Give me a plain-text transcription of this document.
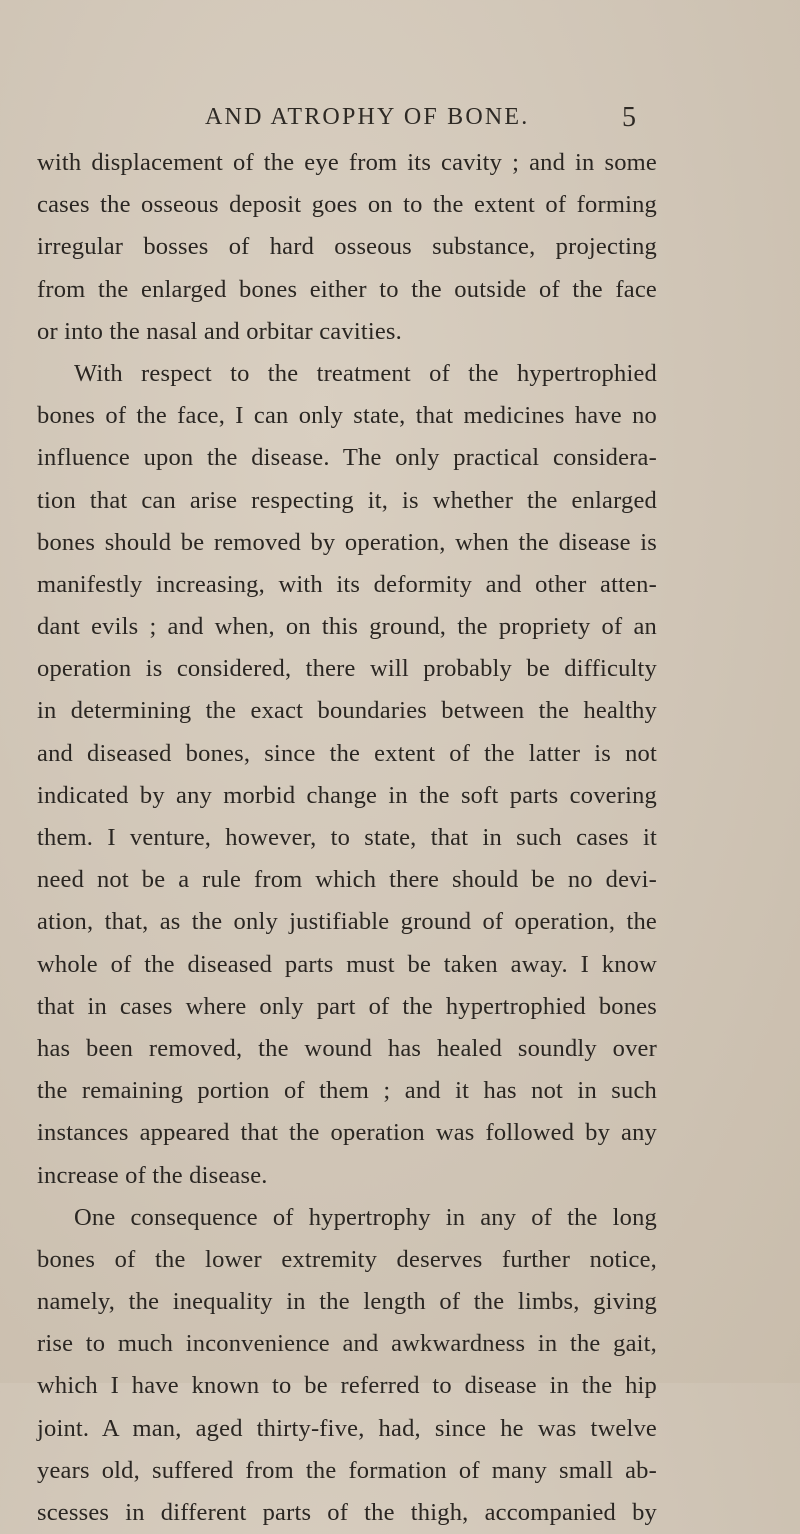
AND ATROPHY OF BONE.	5
with displacement of the eye from its cavity ; and in some
cases the osseous deposit goes on to the extent of forming
irregular bosses of hard osseous substance, projecting
from the enlarged bones either to the outside of the face
or into the nasal and orbitar cavities.
With respect to the treatment of the hypertrophied
bones of the face, I can only state, that medicines have no
influence upon the disease. The only practical considera-
tion that can arise respecting it, is whether the enlarged
bones should be removed by operation, when the disease is
manifestly increasing, with its deformity and other atten-
dant evils ; and when, on this ground, the propriety of an
operation is considered, there will probably be difficulty
in determining the exact boundaries between the healthy
and diseased bones, since the extent of the latter is not
indicated by any morbid change in the soft parts covering
them. I venture, however, to state, that in such cases it
need not be a rule from which there should be no devi-
ation, that, as the only justifiable ground of operation, the
whole of the diseased parts must be taken away. I know
that in cases where only part of the hypertrophied bones
has been removed, the wound has healed soundly over
the remaining portion of them ; and it has not in such
instances appeared that the operation was followed by any
increase of the disease.
One consequence of hypertrophy in any of the long
bones of the lower extremity deserves further notice,
namely, the inequality in the length of the limbs, giving
rise to much inconvenience and awkwardness in the gait,
which I have known to be referred to disease in the hip
joint. A man, aged thirty-five, had, since he was twelve
years old, suffered from the formation of many small ab-
scesses in different parts of the thigh, accompanied by
